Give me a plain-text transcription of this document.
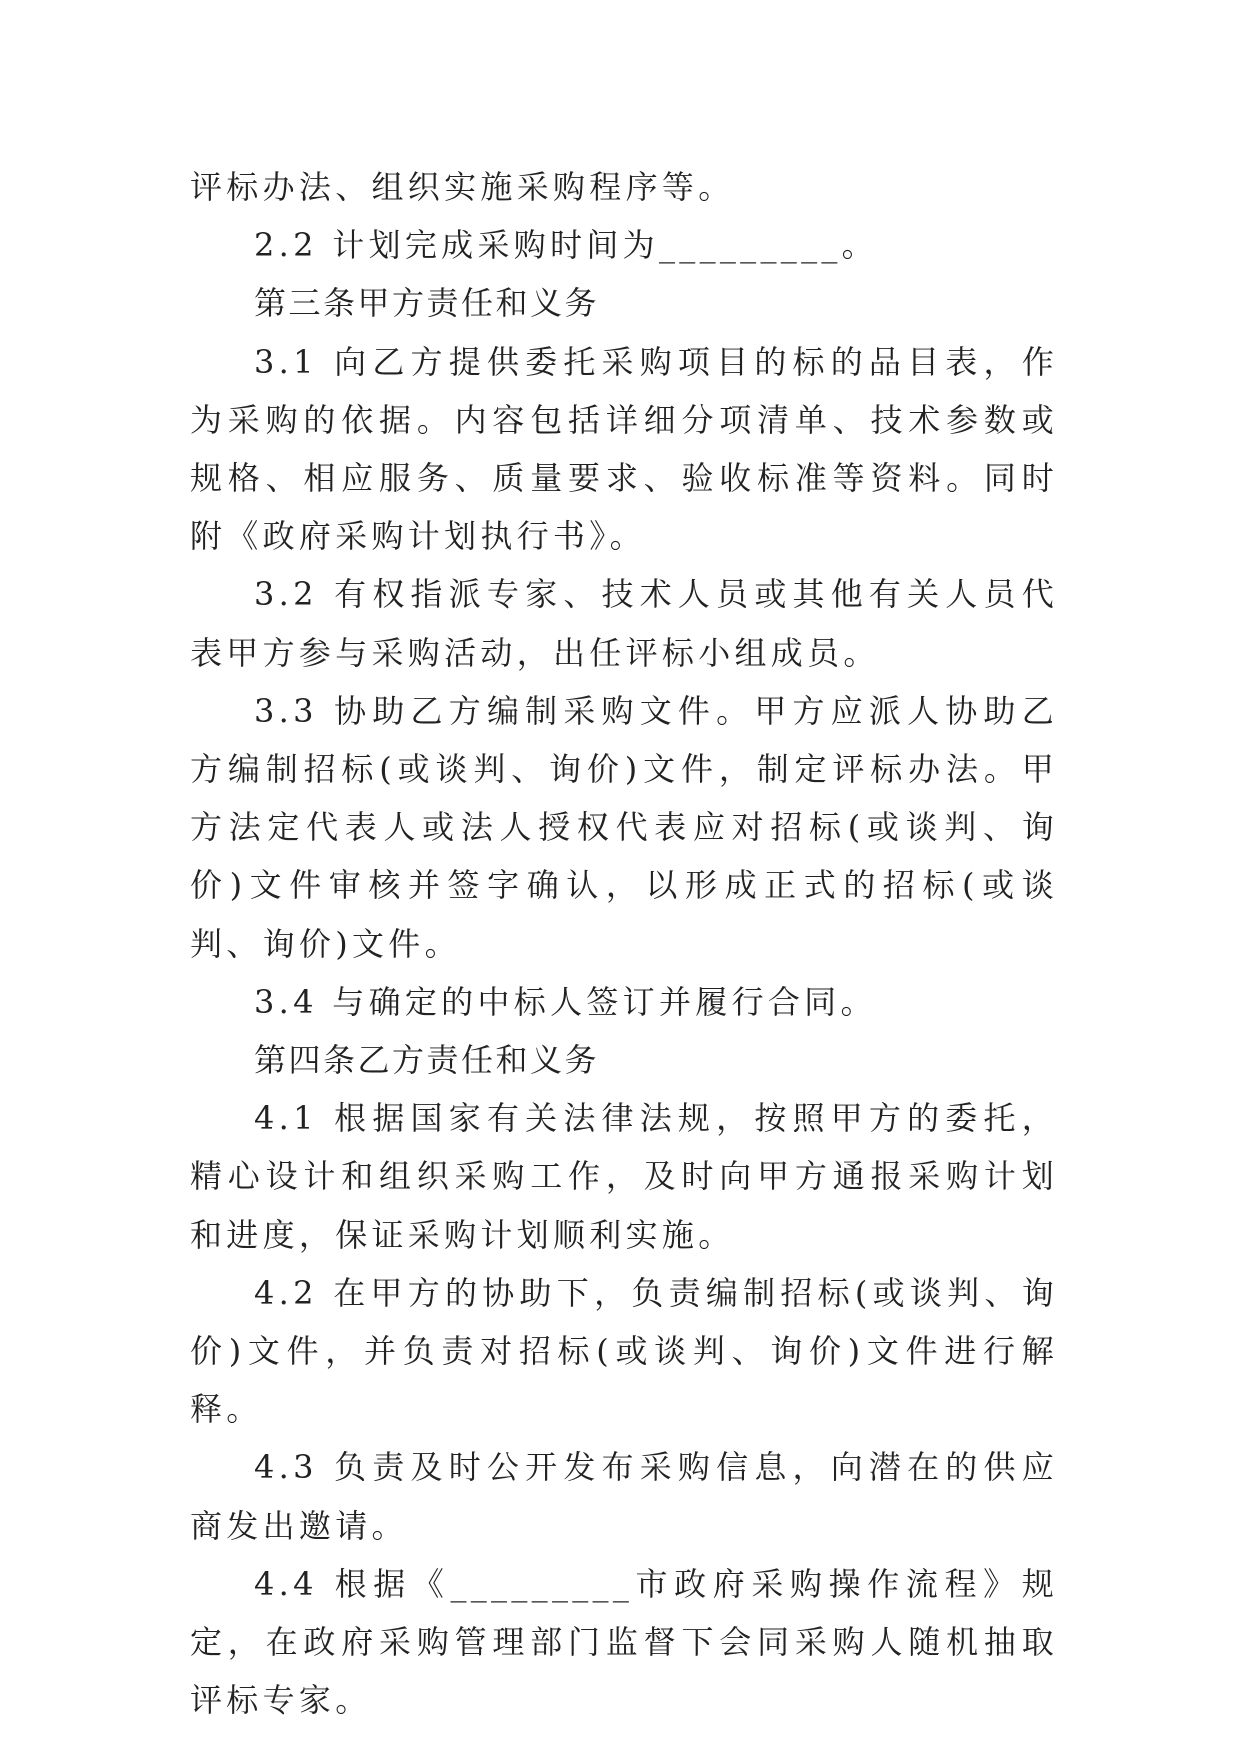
评标办法、组织实施采购程序等。

2.2 计划完成采购时间为_________。

第三条甲方责任和义务

3.1 向乙方提供委托采购项目的标的品目表，作为采购的依据。内容包括详细分项清单、技术参数或规格、相应服务、质量要求、验收标准等资料。同时附《政府采购计划执行书》。

3.2 有权指派专家、技术人员或其他有关人员代表甲方参与采购活动，出任评标小组成员。

3.3 协助乙方编制采购文件。甲方应派人协助乙方编制招标(或谈判、询价)文件，制定评标办法。甲方法定代表人或法人授权代表应对招标(或谈判、询价)文件审核并签字确认，以形成正式的招标(或谈判、询价)文件。

3.4 与确定的中标人签订并履行合同。

第四条乙方责任和义务

4.1 根据国家有关法律法规，按照甲方的委托，精心设计和组织采购工作，及时向甲方通报采购计划和进度，保证采购计划顺利实施。

4.2 在甲方的协助下，负责编制招标(或谈判、询价)文件，并负责对招标(或谈判、询价)文件进行解释。

4.3 负责及时公开发布采购信息，向潜在的供应商发出邀请。

4.4 根据《_________市政府采购操作流程》规定，在政府采购管理部门监督下会同采购人随机抽取评标专家。
